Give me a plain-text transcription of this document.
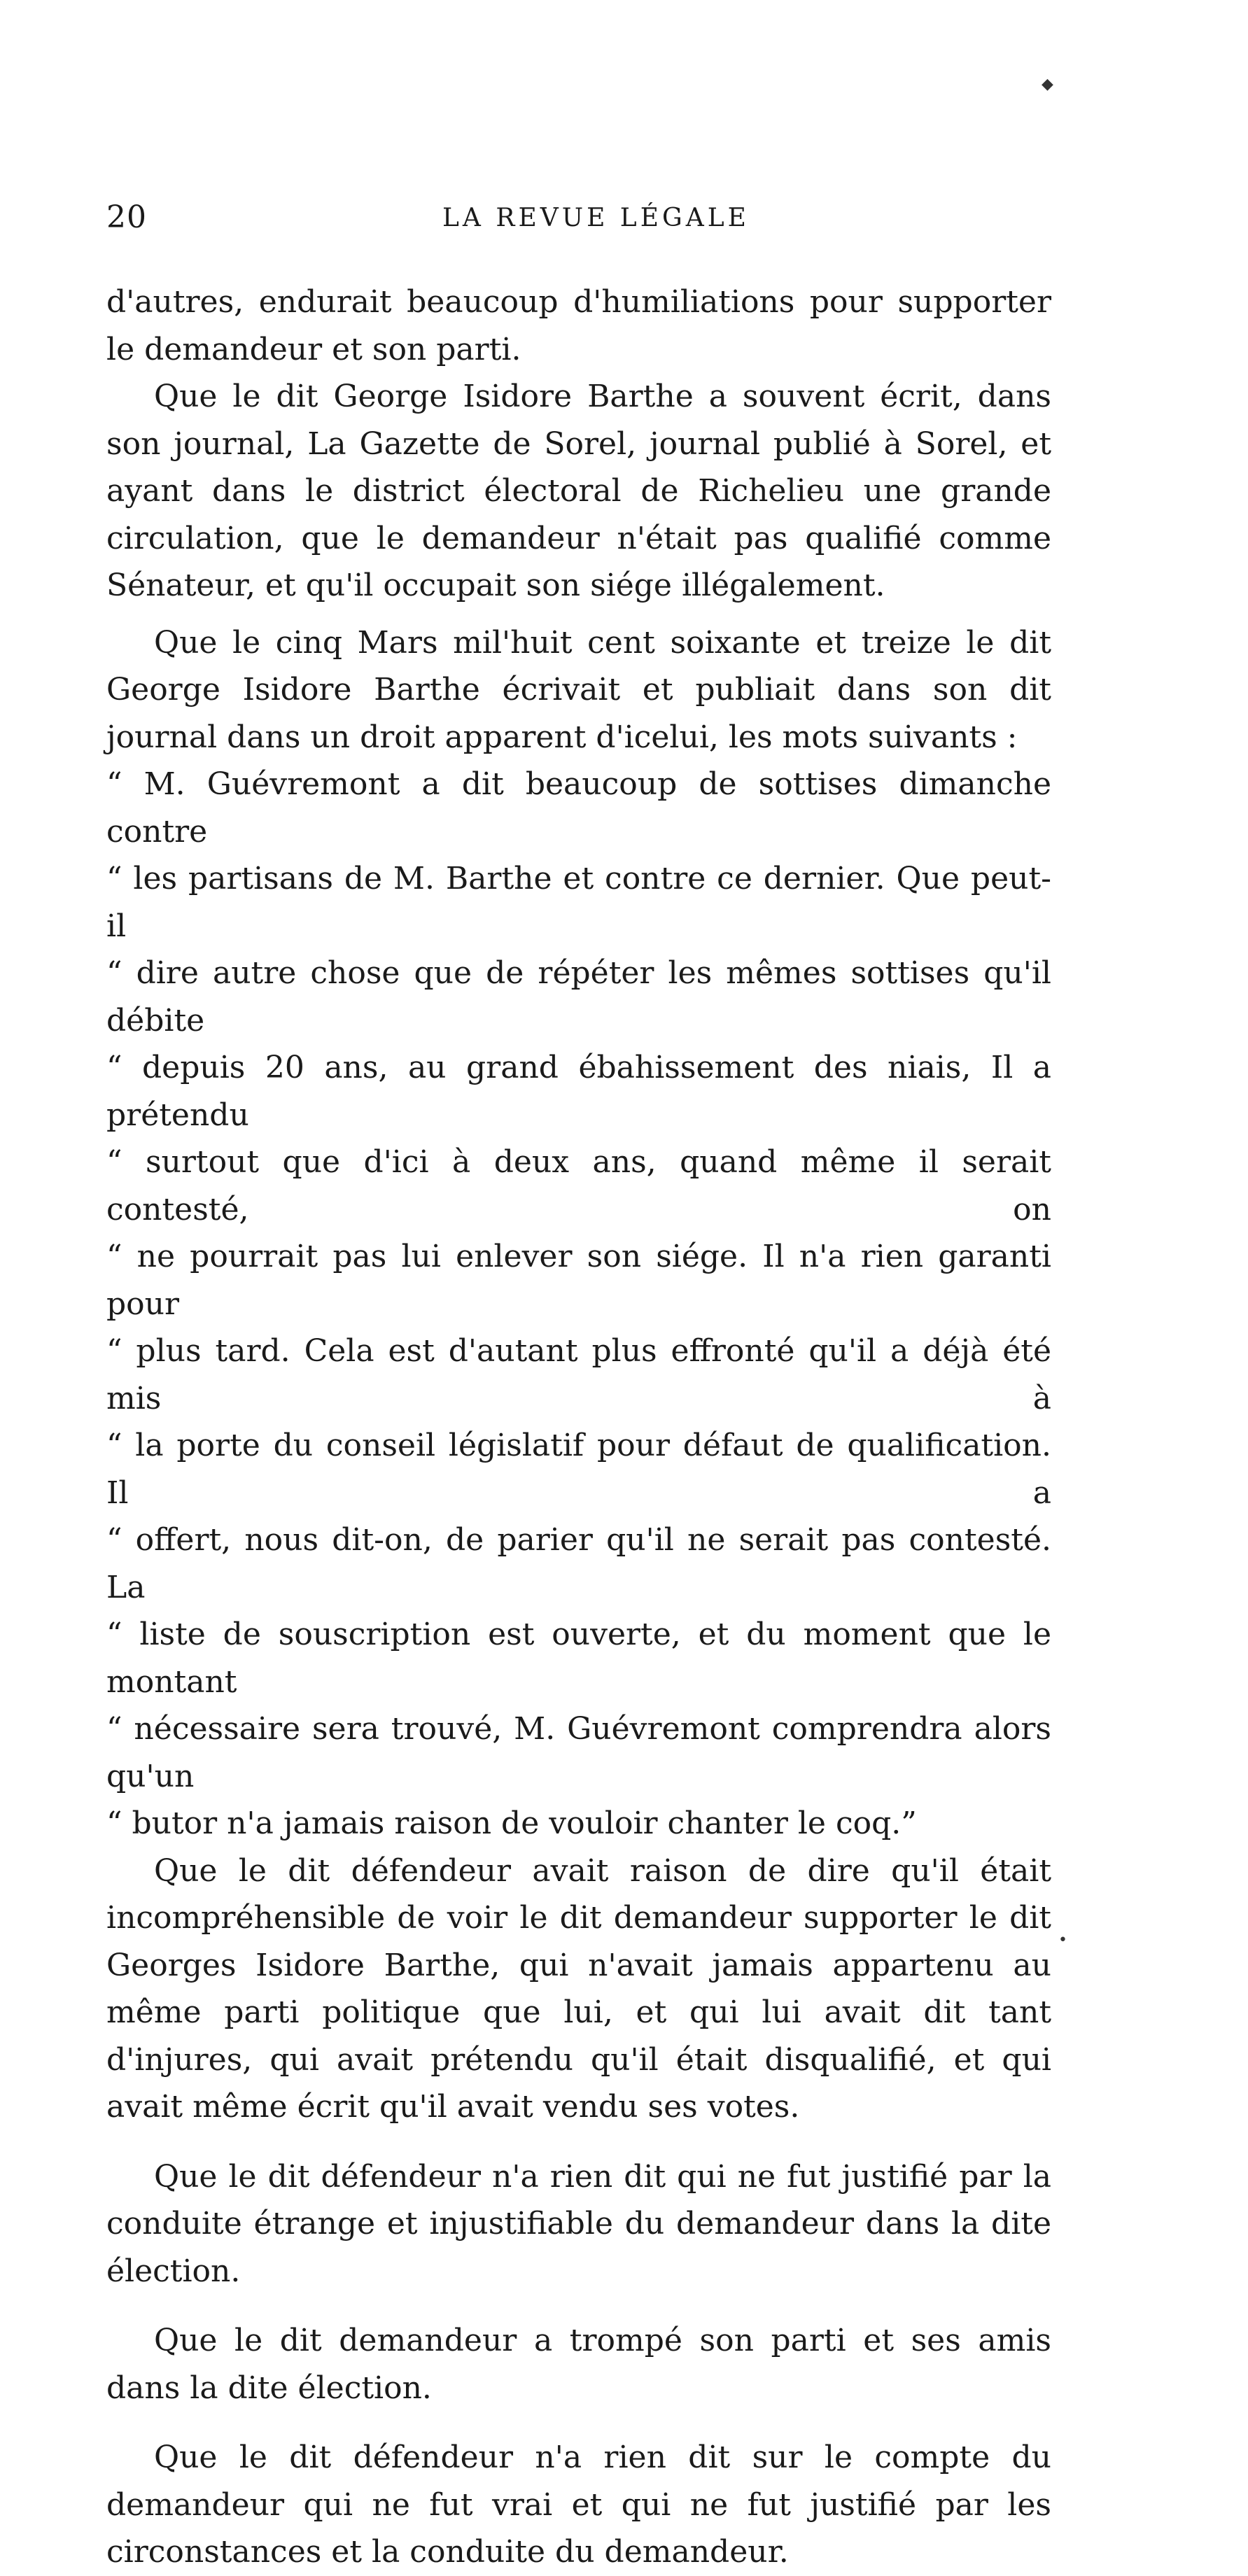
◆
20	LA REVUE LÉGALE

d'autres, endurait beaucoup d'humiliations pour supporter le demandeur et son parti.

Que le dit George Isidore Barthe a souvent écrit, dans son journal, La Gazette de Sorel, journal publié à Sorel, et ayant dans le district électoral de Richelieu une grande circulation, que le demandeur n'était pas qualifié comme Sénateur, et qu'il occupait son siége illégalement.

Que le cinq Mars mil'huit cent soixante et treize le dit George Isidore Barthe écrivait et publiait dans son dit journal dans un droit apparent d'icelui, les mots suivants :

“ M. Guévremont a dit beaucoup de sottises dimanche contre
“ les partisans de M. Barthe et contre ce dernier. Que peut-il
“ dire autre chose que de répéter les mêmes sottises qu'il débite
“ depuis 20 ans, au grand ébahissement des niais, Il a prétendu
“ surtout que d'ici à deux ans, quand même il serait contesté, on
“ ne pourrait pas lui enlever son siége. Il n'a rien garanti pour
“ plus tard. Cela est d'autant plus effronté qu'il a déjà été mis à
“ la porte du conseil législatif pour défaut de qualification. Il a
“ offert, nous dit-on, de parier qu'il ne serait pas contesté. La
“ liste de souscription est ouverte, et du moment que le montant
“ nécessaire sera trouvé, M. Guévremont comprendra alors qu'un
“ butor n'a jamais raison de vouloir chanter le coq.”

Que le dit défendeur avait raison de dire qu'il était incompréhensible de voir le dit demandeur supporter le dit Georges Isidore Barthe, qui n'avait jamais appartenu au même parti politique que lui, et qui lui avait dit tant d'injures, qui avait prétendu qu'il était disqualifié, et qui avait même écrit qu'il avait vendu ses votes.

Que le dit défendeur n'a rien dit qui ne fut justifié par la conduite étrange et injustifiable du demandeur dans la dite élection.

Que le dit demandeur a trompé son parti et ses amis dans la dite élection.

Que le dit défendeur n'a rien dit sur le compte du demandeur qui ne fut vrai et qui ne fut justifié par les circonstances et la conduite du demandeur.

•
